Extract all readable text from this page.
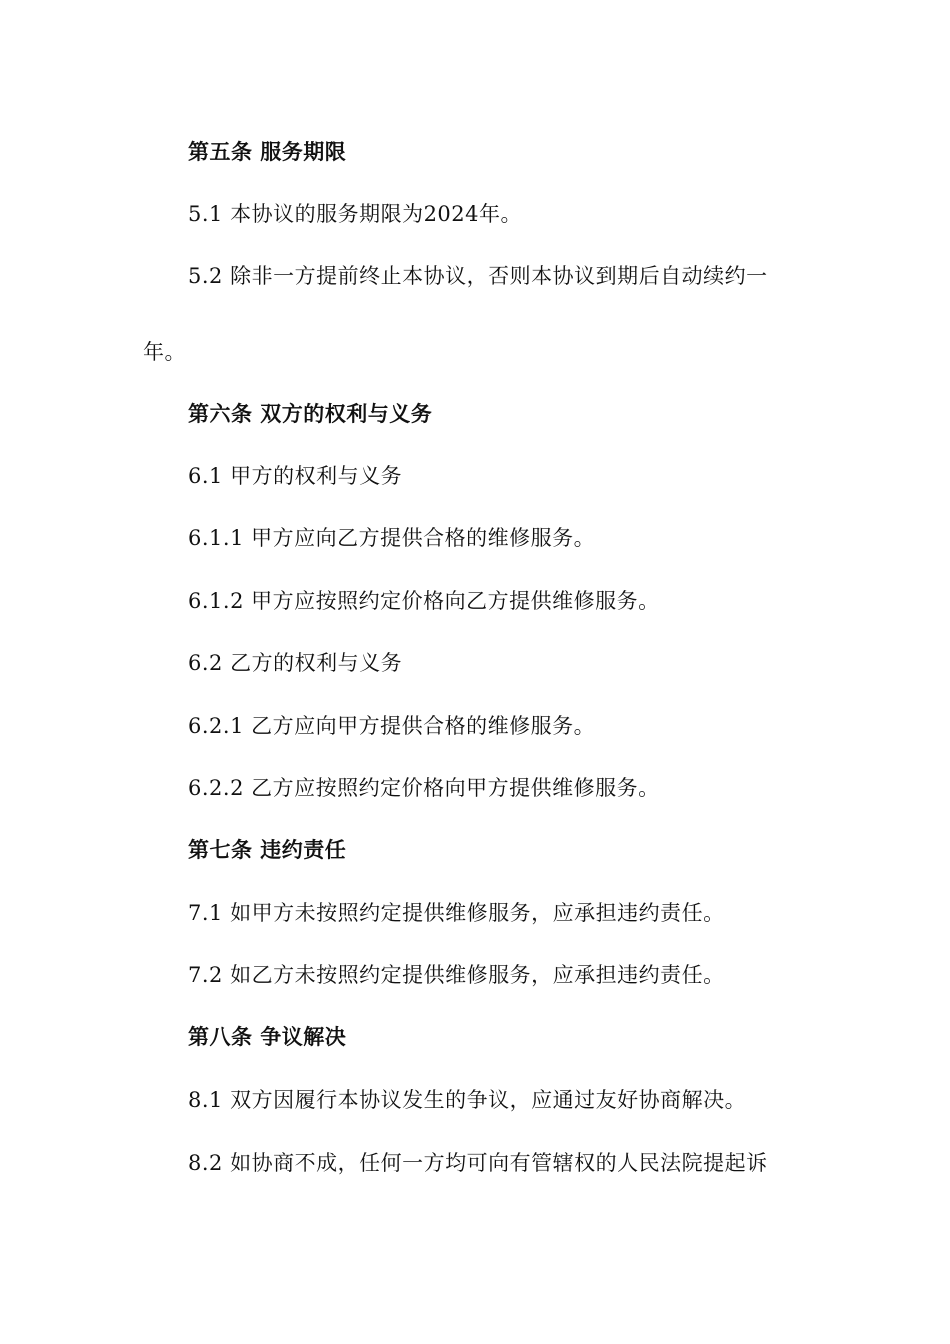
第五条 服务期限
5.1 本协议的服务期限为2024年。
5.2 除非一方提前终止本协议，否则本协议到期后自动续约一
年。
第六条 双方的权利与义务
6.1 甲方的权利与义务
6.1.1 甲方应向乙方提供合格的维修服务。
6.1.2 甲方应按照约定价格向乙方提供维修服务。
6.2 乙方的权利与义务
6.2.1 乙方应向甲方提供合格的维修服务。
6.2.2 乙方应按照约定价格向甲方提供维修服务。
第七条 违约责任
7.1 如甲方未按照约定提供维修服务，应承担违约责任。
7.2 如乙方未按照约定提供维修服务，应承担违约责任。
第八条 争议解决
8.1 双方因履行本协议发生的争议，应通过友好协商解决。
8.2 如协商不成，任何一方均可向有管辖权的人民法院提起诉
